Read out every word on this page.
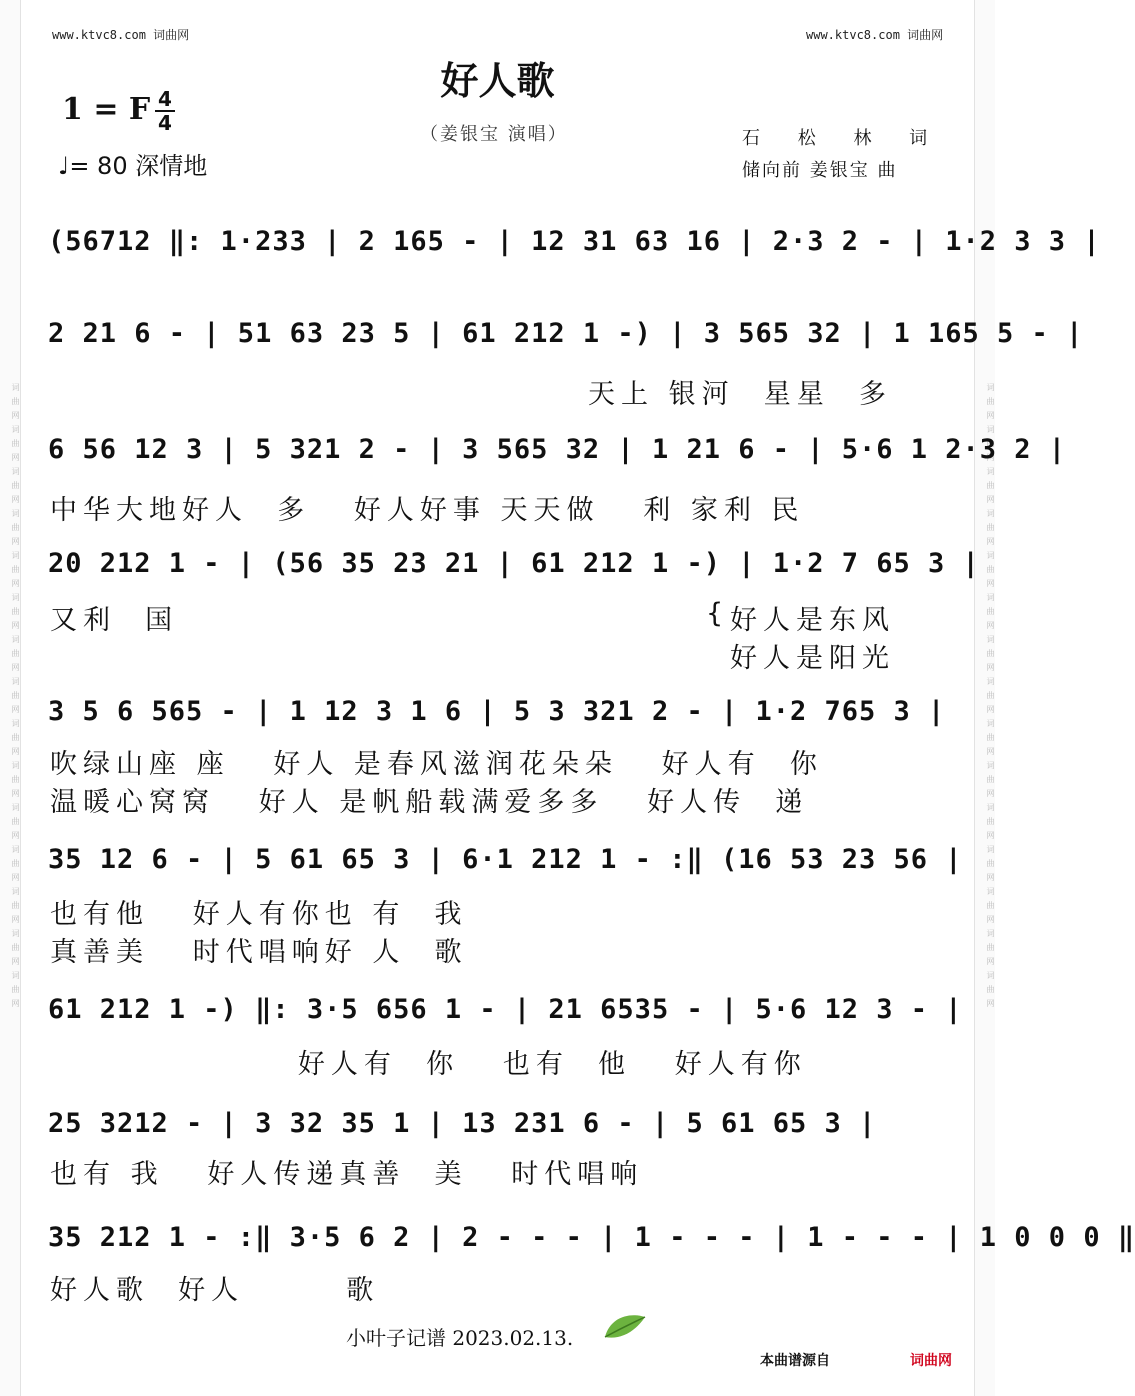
词曲网词曲网词曲网词曲网词曲网词曲网词曲网词曲网词曲网词曲网词曲网词曲网词曲网词曲网词曲网	词曲网词曲网词曲网词曲网词曲网词曲网词曲网词曲网词曲网词曲网词曲网词曲网词曲网词曲网词曲网
www.ktvc8.com 词曲网	www.ktvc8.com 词曲网
好人歌
1 = F 4
4	（姜银宝 演唱）
♩= 80 深情地
石 松 林 词
储向前 姜银宝 曲
(56712 ‖: 1·233 | 2 165 - | 12 31 63 16 | 2·3 2 - | 1·2 3 3 |
2 21 6 - | 51 63 23 5 | 61 212 1 -) | 3 565 32 | 1 165 5 - |
天上 银河  星星  多
6 56 12 3 | 5 321 2 - | 3 565 32 | 1 21 6 - | 5·6 1 2·3 2 |
中华大地好人  多   好人好事 天天做   利 家利 民
20 212 1 - | (56 35 23 21 | 61 212 1 -) | 1·2 7 65 3 |
又利  国	{ 好人是东风
好人是阳光
3 5 6 565 - | 1 12 3 1 6 | 5 3 321 2 - | 1·2 765 3 |
吹绿山座 座   好人 是春风滋润花朵朵   好人有  你
温暖心窝窝   好人 是帆船载满爱多多   好人传  递
35 12 6 - | 5 61 65 3 | 6·1 212 1 - :‖ (16 53 23 56 |
也有他   好人有你也 有  我
真善美   时代唱响好 人  歌
61 212 1 -) ‖: 3·5 656 1 - | 21 6535 - | 5·6 12 3 - |
好人有  你   也有  他   好人有你
25 3212 - | 3 32 35 1 | 13 231 6 - | 5 61 65 3 |
也有 我   好人传递真善  美   时代唱响
35 212 1 - :‖ 3·5 6 2 | 2 - - - | 1 - - - | 1 - - - | 1 0 0 0 ‖
好人歌  好人       歌
小叶子记谱 2023.02.13.
本曲谱源自	词曲网
